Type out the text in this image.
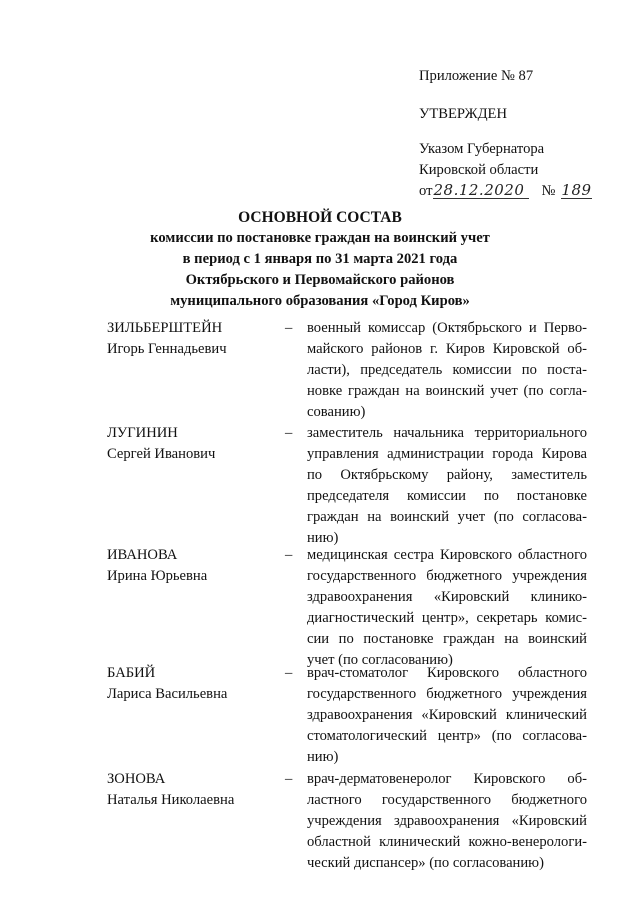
Приложение № 87
УТВЕРЖДЕН
Указом Губернатора
Кировской области
от 28.12.2020	№ 189
ОСНОВНОЙ СОСТАВ
комиссии по постановке граждан на воинский учет
в период с 1 января по 31 марта 2021 года
Октябрьского и Первомайского районов
муниципального образования «Город Киров»
ЗИЛЬБЕРШТЕЙН
Игорь Геннадьевич
– военный комиссар (Октябрьского и Перво-
майского районов г. Киров Кировской об-
ласти), председатель комиссии по поста-
новке граждан на воинский учет (по согла-
сованию)
ЛУГИНИН
Сергей Иванович
– заместитель начальника территориального
управления администрации города Кирова
по Октябрьскому району, заместитель
председателя комиссии по постановке
граждан на воинский учет (по согласова-
нию)
ИВАНОВА
Ирина Юрьевна
– медицинская сестра Кировского областного
государственного бюджетного учреждения
здравоохранения «Кировский клинико-
диагностический центр», секретарь комис-
сии по постановке граждан на воинский
учет (по согласованию)
БАБИЙ
Лариса Васильевна
– врач-стоматолог Кировского областного
государственного бюджетного учреждения
здравоохранения «Кировский клинический
стоматологический центр» (по согласова-
нию)
ЗОНОВА
Наталья Николаевна
– врач-дерматовенеролог Кировского об-
ластного государственного бюджетного
учреждения здравоохранения «Кировский
областной клинический кожно-венерологи-
ческий диспансер» (по согласованию)
